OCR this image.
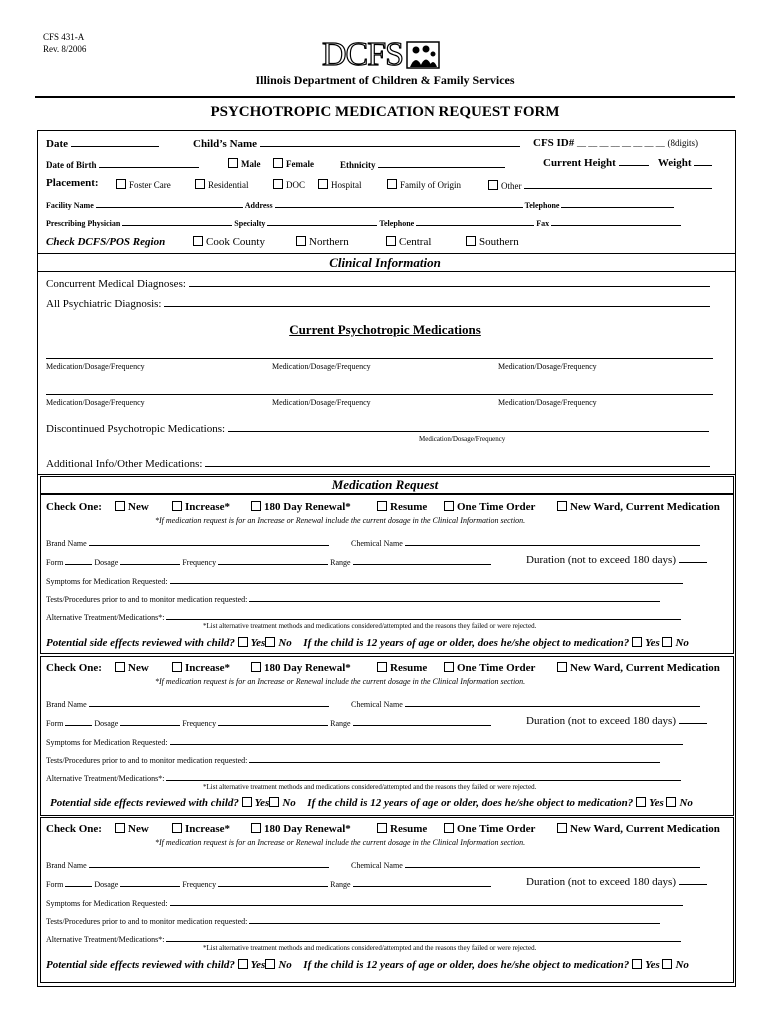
CFS 431-A
Rev. 8/2006	DCFS
Illinois Department of Children & Family Services
PSYCHOTROPIC MEDICATION REQUEST FORM
Date	Child’s Name	CFS ID# __ __ __ __ __ __ __ __ (8digits)
Date of Birth	Male	Female	Ethnicity	Current Height	Weight
Placement:	Foster Care	Residential	DOC	Hospital	Family of Origin	Other
Facility Name	Address	Telephone
Prescribing Physician	Specialty	Telephone	Fax
Check DCFS/POS Region	Cook County	Northern	Central	Southern
Clinical Information
Concurrent Medical Diagnoses:
All Psychiatric Diagnosis:
Current Psychotropic Medications
Medication/Dosage/Frequency	Medication/Dosage/Frequency	Medication/Dosage/Frequency
Medication/Dosage/Frequency	Medication/Dosage/Frequency	Medication/Dosage/Frequency
Discontinued Psychotropic Medications:
Medication/Dosage/Frequency
Additional Info/Other Medications:
Medication Request
Check One:	New	Increase*	180 Day Renewal*	Resume	One Time Order	New Ward, Current Medication
*If medication request is for an Increase or Renewal include the current dosage in the Clinical Information section.
Brand Name	Chemical Name
Form	Dosage	Frequency	Range	Duration (not to exceed 180 days)
Symptoms for Medication Requested:
Tests/Procedures prior to and to monitor medication requested:
Alternative Treatment/Medications*:
*List alternative treatment methods and medications considered/attempted and the reasons they failed or were rejected.
Potential side effects reviewed with child? Yes No If the child is 12 years of age or older, does he/she object to medication? Yes No
Check One:	New	Increase*	180 Day Renewal*	Resume	One Time Order	New Ward, Current Medication
*If medication request is for an Increase or Renewal include the current dosage in the Clinical Information section.
Brand Name	Chemical Name
Form	Dosage	Frequency	Range	Duration (not to exceed 180 days)
Symptoms for Medication Requested:
Tests/Procedures prior to and to monitor medication requested:
Alternative Treatment/Medications*:
*List alternative treatment methods and medications considered/attempted and the reasons they failed or were rejected.
Potential side effects reviewed with child? Yes No If the child is 12 years of age or older, does he/she object to medication? Yes No
Check One:	New	Increase*	180 Day Renewal*	Resume	One Time Order	New Ward, Current Medication
*If medication request is for an Increase or Renewal include the current dosage in the Clinical Information section.
Brand Name	Chemical Name
Form	Dosage	Frequency	Range	Duration (not to exceed 180 days)
Symptoms for Medication Requested:
Tests/Procedures prior to and to monitor medication requested:
Alternative Treatment/Medications*:
*List alternative treatment methods and medications considered/attempted and the reasons they failed or were rejected.
Potential side effects reviewed with child? Yes No If the child is 12 years of age or older, does he/she object to medication? Yes No
